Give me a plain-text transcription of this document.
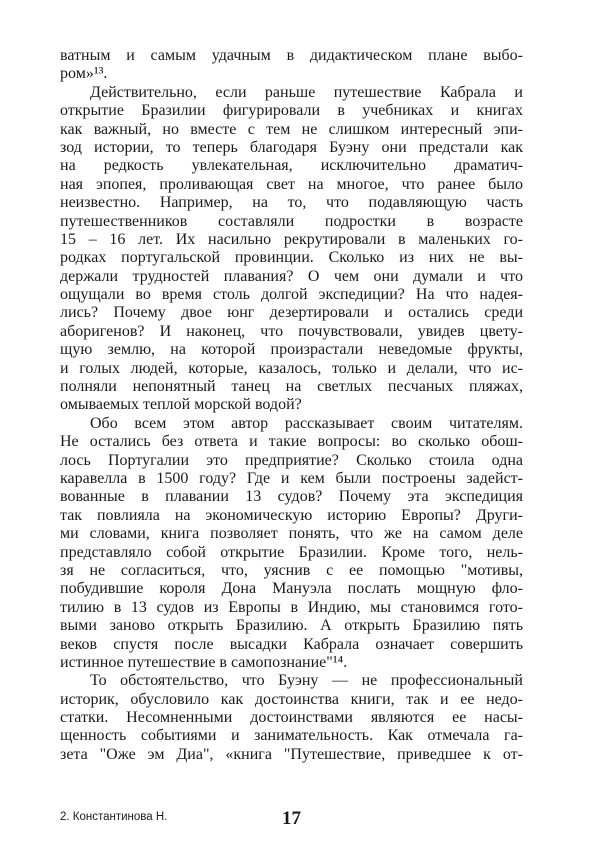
ватным и самым удачным в дидактическом плане выбо-
ром»¹³.
Действительно, если раньше путешествие Кабрала и
открытие Бразилии фигурировали в учебниках и книгах
как важный, но вместе с тем не слишком интересный эпи-
зод истории, то теперь благодаря Буэну они предстали как
на редкость увлекательная, исключительно драматич-
ная эпопея, проливающая свет на многое, что ранее было
неизвестно. Например, на то, что подавляющую часть
путешественников составляли подростки в возрасте
15 – 16 лет. Их насильно рекрутировали в маленьких го-
родках португальской провинции. Сколько из них не вы-
держали трудностей плавания? О чем они думали и что
ощущали во время столь долгой экспедиции? На что надея-
лись? Почему двое юнг дезертировали и остались среди
аборигенов? И наконец, что почувствовали, увидев цвету-
щую землю, на которой произрастали неведомые фрукты,
и голых людей, которые, казалось, только и делали, что ис-
полняли непонятный танец на светлых песчаных пляжах,
омываемых теплой морской водой?
Обо всем этом автор рассказывает своим читателям.
Не остались без ответа и такие вопросы: во сколько обош-
лось Португалии это предприятие? Сколько стоила одна
каравелла в 1500 году? Где и кем были построены задейст-
вованные в плавании 13 судов? Почему эта экспедиция
так повлияла на экономическую историю Европы? Други-
ми словами, книга позволяет понять, что же на самом деле
представляло собой открытие Бразилии. Кроме того, нель-
зя не согласиться, что, уяснив с ее помощью "мотивы,
побудившие короля Дона Мануэла послать мощную фло-
тилию в 13 судов из Европы в Индию, мы становимся гото-
выми заново открыть Бразилию. А открыть Бразилию пять
веков спустя после высадки Кабрала означает совершить
истинное путешествие в самопознание"¹⁴.
То обстоятельство, что Буэну — не профессиональный
историк, обусловило как достоинства книги, так и ее недо-
статки. Несомненными достоинствами являются ее насы-
щенность событиями и занимательность. Как отмечала га-
зета "Оже эм Диа", «книга "Путешествие, приведшее к от-
2. Константинова Н.	17
